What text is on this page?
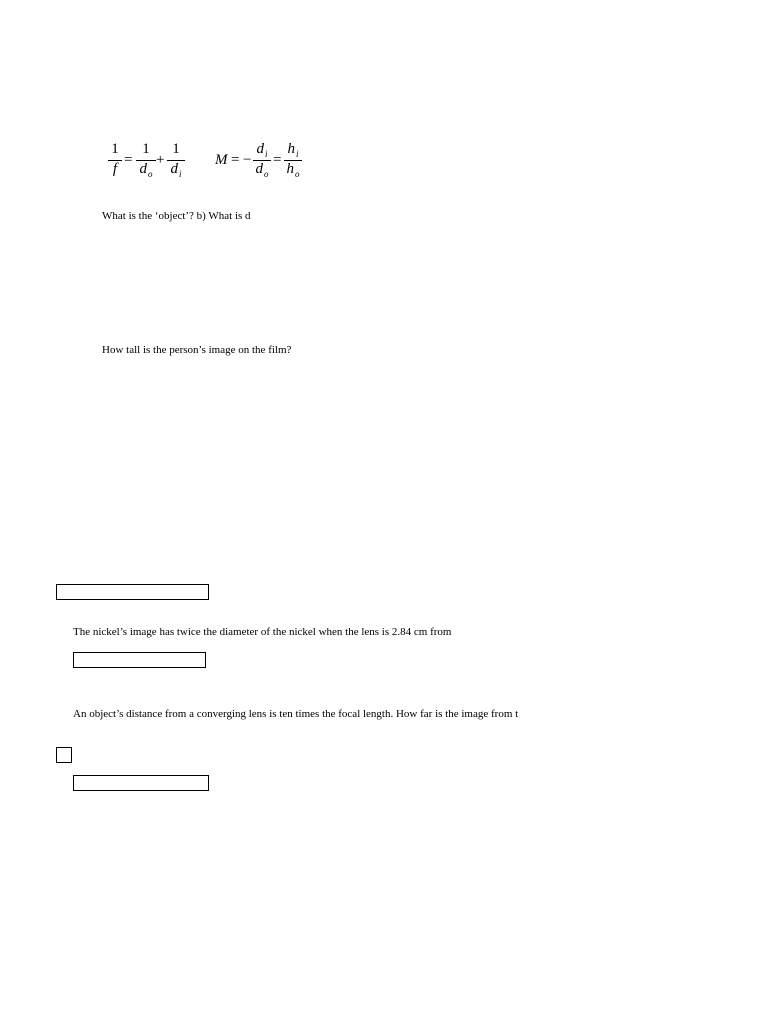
1
f
=
1
$d_o$
+
1
$d_i$
M = −
$d_i$
$d_o$
=
$h_i$
$h_o$
What is the ‘object’? b) What is d
How tall is the person’s image on the film?
The nickel’s image has twice the diameter of the nickel when the lens is 2.84 cm from
An object’s distance from a converging lens is ten times the focal length. How far is the image from t
